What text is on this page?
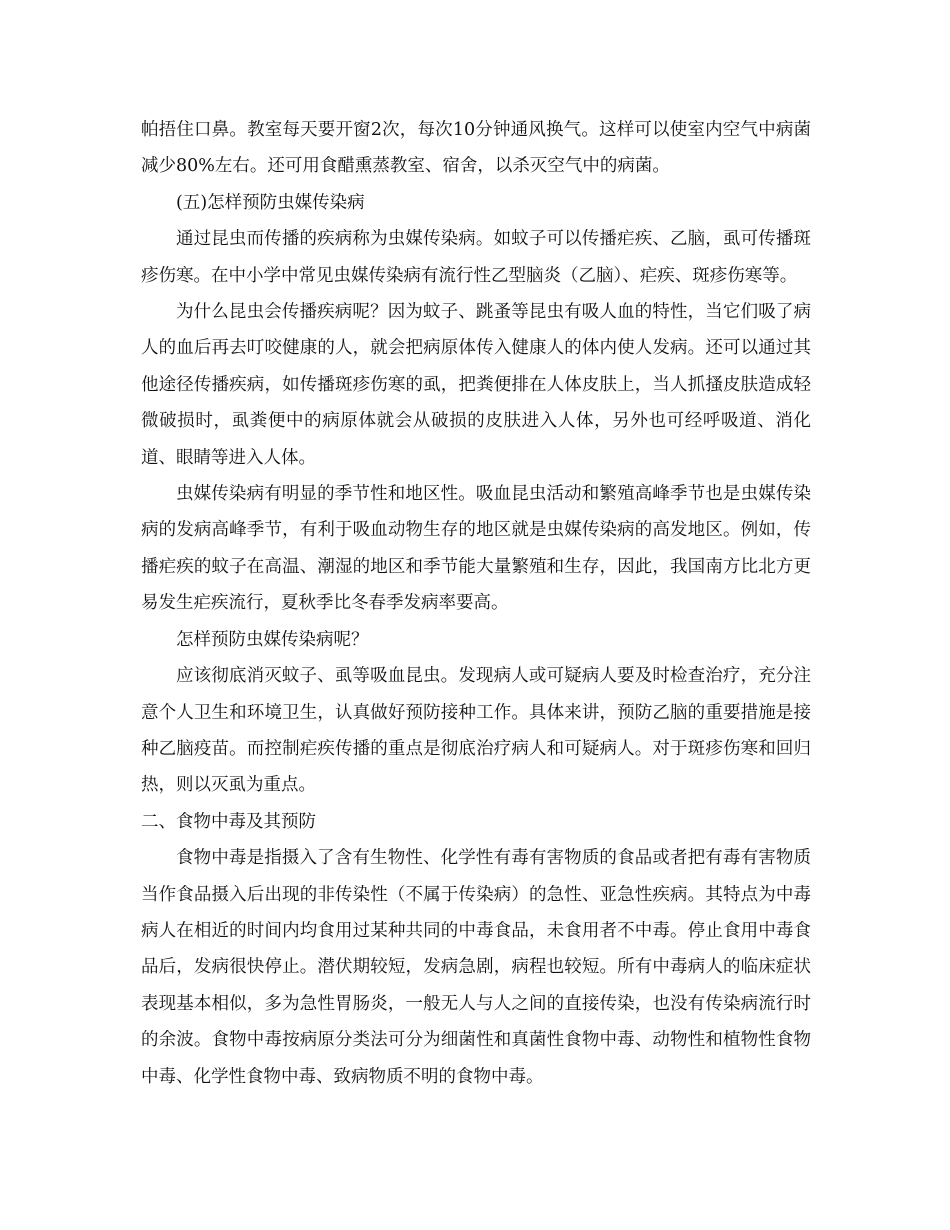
帕捂住口鼻。教室每天要开窗2次，每次10分钟通风换气。这样可以使室内空气中病菌减少80%左右。还可用食醋熏蒸教室、宿舍，以杀灭空气中的病菌。

(五)怎样预防虫媒传染病

通过昆虫而传播的疾病称为虫媒传染病。如蚊子可以传播疟疾、乙脑，虱可传播斑疹伤寒。在中小学中常见虫媒传染病有流行性乙型脑炎（乙脑）、疟疾、斑疹伤寒等。

为什么昆虫会传播疾病呢？因为蚊子、跳蚤等昆虫有吸人血的特性，当它们吸了病人的血后再去叮咬健康的人，就会把病原体传入健康人的体内使人发病。还可以通过其他途径传播疾病，如传播斑疹伤寒的虱，把粪便排在人体皮肤上，当人抓搔皮肤造成轻微破损时，虱粪便中的病原体就会从破损的皮肤进入人体，另外也可经呼吸道、消化道、眼睛等进入人体。

虫媒传染病有明显的季节性和地区性。吸血昆虫活动和繁殖高峰季节也是虫媒传染病的发病高峰季节，有利于吸血动物生存的地区就是虫媒传染病的高发地区。例如，传播疟疾的蚊子在高温、潮湿的地区和季节能大量繁殖和生存，因此，我国南方比北方更易发生疟疾流行，夏秋季比冬春季发病率要高。

怎样预防虫媒传染病呢？

应该彻底消灭蚊子、虱等吸血昆虫。发现病人或可疑病人要及时检查治疗，充分注意个人卫生和环境卫生，认真做好预防接种工作。具体来讲，预防乙脑的重要措施是接种乙脑疫苗。而控制疟疾传播的重点是彻底治疗病人和可疑病人。对于斑疹伤寒和回归热，则以灭虱为重点。

二、食物中毒及其预防

食物中毒是指摄入了含有生物性、化学性有毒有害物质的食品或者把有毒有害物质当作食品摄入后出现的非传染性（不属于传染病）的急性、亚急性疾病。其特点为中毒病人在相近的时间内均食用过某种共同的中毒食品，未食用者不中毒。停止食用中毒食品后，发病很快停止。潜伏期较短，发病急剧，病程也较短。所有中毒病人的临床症状表现基本相似，多为急性胃肠炎，一般无人与人之间的直接传染，也没有传染病流行时的余波。食物中毒按病原分类法可分为细菌性和真菌性食物中毒、动物性和植物性食物中毒、化学性食物中毒、致病物质不明的食物中毒。
